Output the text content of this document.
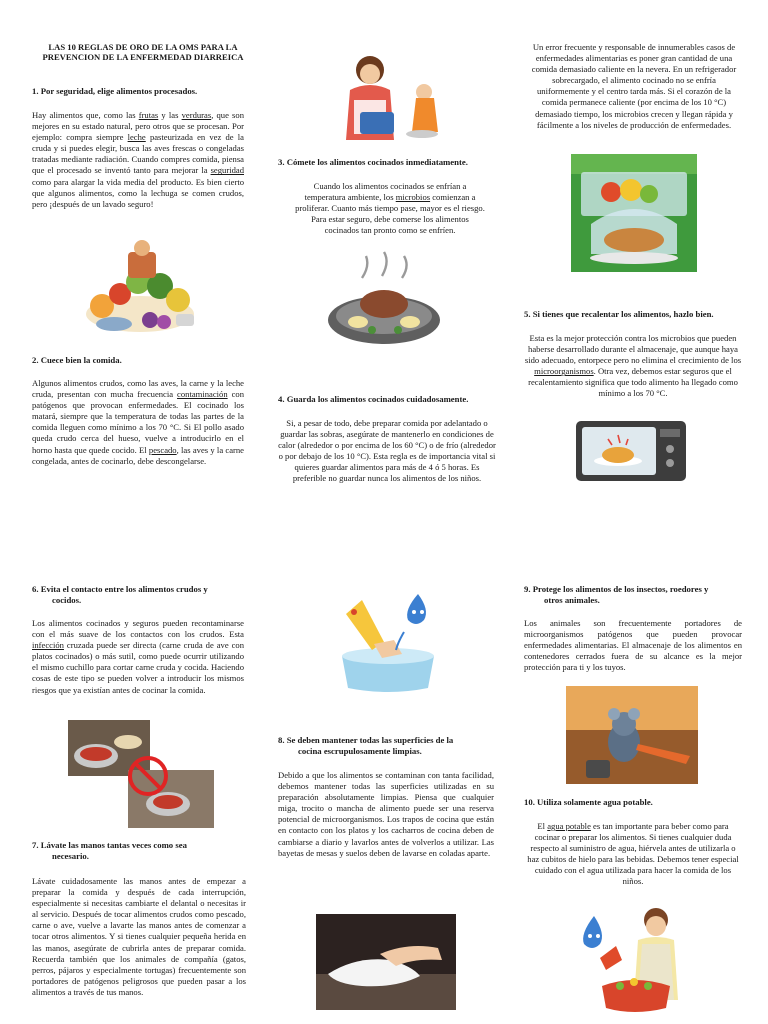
LAS 10 REGLAS DE ORO DE LA OMS PARA LA PREVENCION DE LA ENFERMEDAD DIARREICA
1. Por seguridad, elige alimentos procesados.
Hay alimentos que, como las frutas y las verduras, que son mejores en su estado natural, pero otros que se procesan. Por ejemplo: compra siempre leche pasteurizada en vez de la cruda y si puedes elegir, busca las aves frescas o congeladas tratadas mediante radiación. Cuando compres comida, piensa que el procesado se inventó tanto para mejorar la seguridad como para alargar la vida media del producto. Es bien cierto que algunos alimentos, como la lechuga se comen crudos, pero ¡después de un lavado seguro!
2. Cuece bien la comida.
Algunos alimentos crudos, como las aves, la carne y la leche cruda, presentan con mucha frecuencia contaminación con patógenos que provocan enfermedades. El cocinado los matará, siempre que la temperatura de todas las partes de la comida lleguen como mínimo a los 70 °C. Si El pollo asado queda crudo cerca del hueso, vuelve a introducirlo en el horno hasta que quede cocido. El pescado, las aves y la carne congelada, antes de cocinarlo, debe descongelarse.
3. Cómete los alimentos cocinados inmediatamente.
Cuando los alimentos cocinados se enfrían a temperatura ambiente, los microbios comienzan a proliferar. Cuanto más tiempo pase, mayor es el riesgo. Para estar seguro, debe comerse los alimentos cocinados tan pronto como se enfríen.
4. Guarda los alimentos cocinados cuidadosamente.
Si, a pesar de todo, debe preparar comida por adelantado o guardar las sobras, asegúrate de mantenerlo en condiciones de calor (alrededor o por encima de los 60 °C) o de frío (alrededor o por debajo de los 10 °C). Esta regla es de importancia vital si quieres guardar alimentos para más de 4 ó 5 horas. Es preferible no guardar nunca los alimentos de los niños.
Un error frecuente y responsable de innumerables casos de enfermedades alimentarias es poner gran cantidad de una comida demasiado caliente en la nevera. En un refrigerador sobrecargado, el alimento cocinado no se enfría uniformemente y el centro tarda más. Si el corazón de la comida permanece caliente (por encima de los 10 °C) demasiado tiempo, los microbios crecen y llegan rápida y fácilmente a los niveles de producción de enfermedades.
5. Si tienes que recalentar los alimentos, hazlo bien.
Esta es la mejor protección contra los microbios que pueden haberse desarrollado durante el almacenaje, que aunque haya sido adecuado, entorpece pero no elimina el crecimiento de los microorganismos. Otra vez, debemos estar seguros que el recalentamiento significa que todo alimento ha llegado como mínimo a los 70 °C.
6. Evita el contacto entre los alimentos crudos y
cocidos.
Los alimentos cocinados y seguros pueden recontaminarse con el más suave de los contactos con los crudos. Esta infección cruzada puede ser directa (carne cruda de ave con platos cocinados) o más sutil, como puede ocurrir utilizando el mismo cuchillo para cortar carne cruda y cocida. Haciendo cosas de este tipo se pueden volver a introducir los mismos riesgos que ya existían antes de cocinar la comida.
7. Lávate las manos tantas veces como sea
necesario.
Lávate cuidadosamente las manos antes de empezar a preparar la comida y después de cada interrupción, especialmente si necesitas cambiarte el delantal o necesitas ir al servicio. Después de tocar alimentos crudos como pescado, carne o ave, vuelve a lavarte las manos antes de comenzar a tocar otros alimentos. Y si tienes cualquier pequeña herida en las manos, asegúrate de cubrirla antes de preparar comida. Recuerda también que los animales de compañía (gatos, perros, pájaros y especialmente tortugas) frecuentemente son portadores de patógenos peligrosos que pueden pasar a los alimentos a través de tus manos.
8. Se deben mantener todas las superficies de la
cocina escrupulosamente limpias.
Debido a que los alimentos se contaminan con tanta facilidad, debemos mantener todas las superficies utilizadas en su preparación absolutamente limpias. Piensa que cualquier miga, trocito o mancha de alimento puede ser una reserva potencial de microorganismos. Los trapos de cocina que están en contacto con los platos y los cacharros de cocina deben de cambiarse a diario y lavarlos antes de volverlos a utilizar. Las bayetas de mesas y suelos deben de lavarse en coladas aparte.
9. Protege los alimentos de los insectos, roedores y
otros animales.
Los animales son frecuentemente portadores de microorganismos patógenos que pueden provocar enfermedades alimentarias. El almacenaje de los alimentos en contenedores cerrados fuera de su alcance es la mejor protección para ti y los tuyos.
10. Utiliza solamente agua potable.
El agua potable es tan importante para beber como para cocinar o preparar los alimentos. Si tienes cualquier duda respecto al suministro de agua, hiérvela antes de utilizarla o haz cubitos de hielo para las bebidas. Debemos tener especial cuidado con el agua utilizada para hacer la comida de los niños.
